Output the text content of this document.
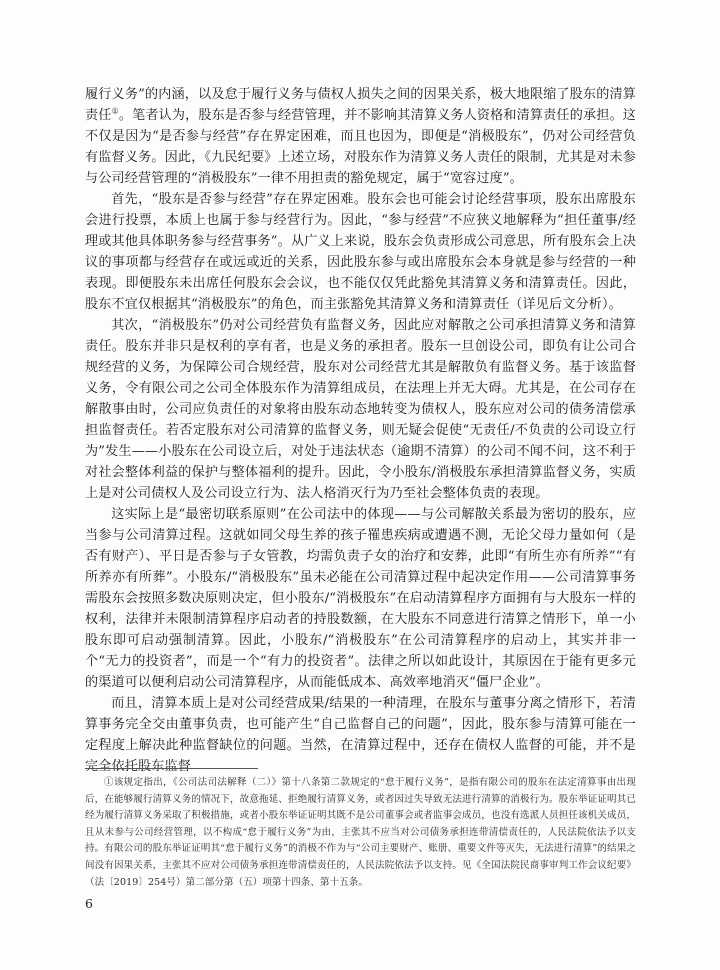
履行义务”的内涵，以及怠于履行义务与债权人损失之间的因果关系，极大地限缩了股东的清算责任①。笔者认为，股东是否参与经营管理，并不影响其清算义务人资格和清算责任的承担。这不仅是因为“是否参与经营”存在界定困难，而且也因为，即便是“消极股东”，仍对公司经营负有监督义务。因此，《九民纪要》上述立场，对股东作为清算义务人责任的限制，尤其是对未参与公司经营管理的“消极股东”一律不用担责的豁免规定，属于“宽容过度”。

首先，“股东是否参与经营”存在界定困难。股东会也可能会讨论经营事项，股东出席股东会进行投票，本质上也属于参与经营行为。因此，“参与经营”不应狭义地解释为“担任董事/经理或其他具体职务参与经营事务”。从广义上来说，股东会负责形成公司意思，所有股东会上决议的事项都与经营存在或远或近的关系，因此股东参与或出席股东会本身就是参与经营的一种表现。即便股东未出席任何股东会会议，也不能仅仅凭此豁免其清算义务和清算责任。因此，股东不宜仅根据其“消极股东”的角色，而主张豁免其清算义务和清算责任（详见后文分析）。

其次，“消极股东”仍对公司经营负有监督义务，因此应对解散之公司承担清算义务和清算责任。股东并非只是权利的享有者，也是义务的承担者。股东一旦创设公司，即负有让公司合规经营的义务，为保障公司合规经营，股东对公司经营尤其是解散负有监督义务。基于该监督义务，令有限公司之公司全体股东作为清算组成员，在法理上并无大碍。尤其是，在公司存在解散事由时，公司应负责任的对象将由股东动态地转变为债权人，股东应对公司的债务清偿承担监督责任。若否定股东对公司清算的监督义务，则无疑会促使“无责任/不负责的公司设立行为”发生——小股东在公司设立后，对处于违法状态（逾期不清算）的公司不闻不问，这不利于对社会整体利益的保护与整体福利的提升。因此，令小股东/消极股东承担清算监督义务，实质上是对公司债权人及公司设立行为、法人格消灭行为乃至社会整体负责的表现。

这实际上是“最密切联系原则”在公司法中的体现——与公司解散关系最为密切的股东，应当参与公司清算过程。这就如同父母生养的孩子罹患疾病或遭遇不测，无论父母力量如何（是否有财产）、平日是否参与子女管教，均需负责子女的治疗和安葬，此即“有所生亦有所养”“有所养亦有所葬”。小股东/“消极股东”虽未必能在公司清算过程中起决定作用——公司清算事务需股东会按照多数决原则决定，但小股东/“消极股东”在启动清算程序方面拥有与大股东一样的权利，法律并未限制清算程序启动者的持股数额，在大股东不同意进行清算之情形下，单一小股东即可启动强制清算。因此，小股东/“消极股东”在公司清算程序的启动上，其实并非一个“无力的投资者”，而是一个“有力的投资者”。法律之所以如此设计，其原因在于能有更多元的渠道可以便利启动公司清算程序，从而能低成本、高效率地消灭“僵尸企业”。

而且，清算本质上是对公司经营成果/结果的一种清理，在股东与董事分离之情形下，若清算事务完全交由董事负责，也可能产生“自己监督自己的问题”，因此，股东参与清算可能在一定程度上解决此种监督缺位的问题。当然，在清算过程中，还存在债权人监督的可能，并不是完全依托股东监督

①该规定指出，《公司法司法解释（二）》第十八条第二款规定的“怠于履行义务”，是指有限公司的股东在法定清算事由出现后，在能够履行清算义务的情况下，故意拖延、拒绝履行清算义务，或者因过失导致无法进行清算的消极行为。股东举证证明其已经为履行清算义务采取了积极措施，或者小股东举证证明其既不是公司董事会或者监事会成员，也没有选派人员担任该机关成员，且从未参与公司经营管理，以不构成“怠于履行义务”为由，主张其不应当对公司债务承担连带清偿责任的，人民法院依法予以支持。有限公司的股东举证证明其“怠于履行义务”的消极不作为与“公司主要财产、账册、重要文件等灭失，无法进行清算”的结果之间没有因果关系，主张其不应对公司债务承担连带清偿责任的，人民法院依法予以支持。见《全国法院民商事审判工作会议纪要》（法〔2019〕254号）第二部分第（五）项第十四条、第十五条。

6
